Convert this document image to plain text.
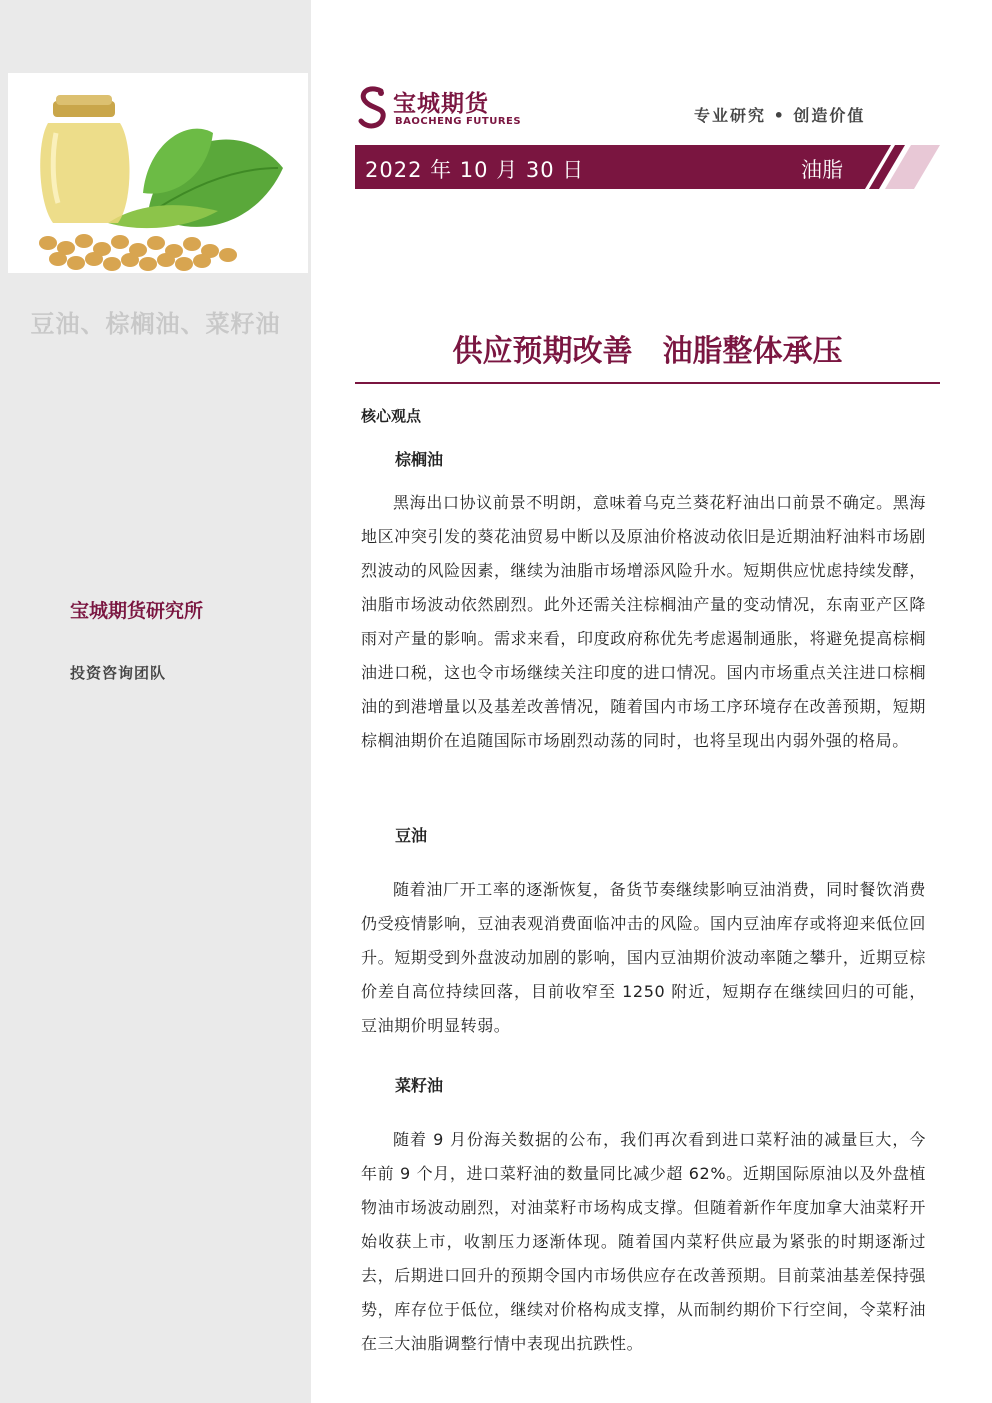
豆油、棕榈油、菜籽油
宝城期货研究所
投资咨询团队
宝城期货
BAOCHENG FUTURES	专业研究 • 创造价值
2022 年 10 月 30 日	油脂
供应预期改善　油脂整体承压
核心观点
棕榈油
黑海出口协议前景不明朗，意味着乌克兰葵花籽油出口前景不确定。黑海地区冲突引发的葵花油贸易中断以及原油价格波动依旧是近期油籽油料市场剧烈波动的风险因素，继续为油脂市场增添风险升水。短期供应忧虑持续发酵，油脂市场波动依然剧烈。此外还需关注棕榈油产量的变动情况，东南亚产区降雨对产量的影响。需求来看，印度政府称优先考虑遏制通胀，将避免提高棕榈油进口税，这也令市场继续关注印度的进口情况。国内市场重点关注进口棕榈油的到港增量以及基差改善情况，随着国内市场工序环境存在改善预期，短期棕榈油期价在追随国际市场剧烈动荡的同时，也将呈现出内弱外强的格局。
豆油
随着油厂开工率的逐渐恢复，备货节奏继续影响豆油消费，同时餐饮消费仍受疫情影响，豆油表观消费面临冲击的风险。国内豆油库存或将迎来低位回升。短期受到外盘波动加剧的影响，国内豆油期价波动率随之攀升，近期豆棕价差自高位持续回落，目前收窄至 1250 附近，短期存在继续回归的可能，豆油期价明显转弱。
菜籽油
随着 9 月份海关数据的公布，我们再次看到进口菜籽油的减量巨大，今年前 9 个月，进口菜籽油的数量同比减少超 62%。近期国际原油以及外盘植物油市场波动剧烈，对油菜籽市场构成支撑。但随着新作年度加拿大油菜籽开始收获上市，收割压力逐渐体现。随着国内菜籽供应最为紧张的时期逐渐过去，后期进口回升的预期令国内市场供应存在改善预期。目前菜油基差保持强势，库存位于低位，继续对价格构成支撑，从而制约期价下行空间，令菜籽油在三大油脂调整行情中表现出抗跌性。
